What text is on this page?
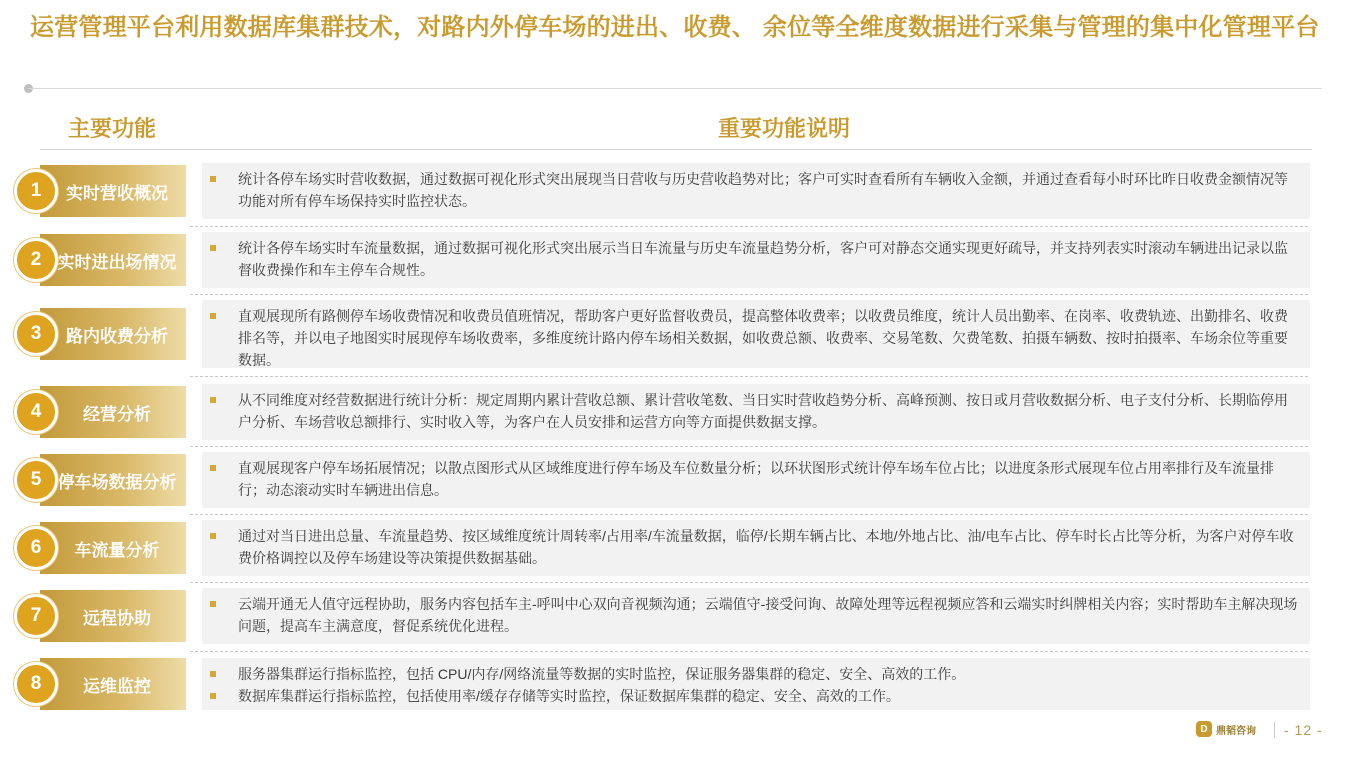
运营管理平台利用数据库集群技术，对路内外停车场的进出、收费、 余位等全维度数据进行采集与管理的集中化管理平台
主要功能	重要功能说明
实时营收概况
1

统计各停车场实时营收数据，通过数据可视化形式突出展现当日营收与历史营收趋势对比；客户可实时查看所有车辆收入金额，并通过查看每小时环比昨日收费金额情况等功能对所有停车场保持实时监控状态。

实时进出场情况
2

统计各停车场实时车流量数据，通过数据可视化形式突出展示当日车流量与历史车流量趋势分析，客户可对静态交通实现更好疏导，并支持列表实时滚动车辆进出记录以监督收费操作和车主停车合规性。

路内收费分析
3

直观展现所有路侧停车场收费情况和收费员值班情况，帮助客户更好监督收费员，提高整体收费率；以收费员维度，统计人员出勤率、在岗率、收费轨迹、出勤排名、收费排名等，并以电子地图实时展现停车场收费率，多维度统计路内停车场相关数据，如收费总额、收费率、交易笔数、欠费笔数、拍摄车辆数、按时拍摄率、车场余位等重要数据。

经营分析
4

从不同维度对经营数据进行统计分析：规定周期内累计营收总额、累计营收笔数、当日实时营收趋势分析、高峰预测、按日或月营收数据分析、电子支付分析、长期临停用户分析、车场营收总额排行、实时收入等，为客户在人员安排和运营方向等方面提供数据支撑。

停车场数据分析
5

直观展现客户停车场拓展情况；以散点图形式从区域维度进行停车场及车位数量分析；以环状图形式统计停车场车位占比；以进度条形式展现车位占用率排行及车流量排行；动态滚动实时车辆进出信息。

车流量分析
6

通过对当日进出总量、车流量趋势、按区域维度统计周转率/占用率/车流量数据，临停/长期车辆占比、本地/外地占比、油/电车占比、停车时长占比等分析，为客户对停车收费价格调控以及停车场建设等决策提供数据基础。

远程协助
7

云端开通无人值守远程协助，服务内容包括车主-呼叫中心双向音视频沟通；云端值守-接受问询、故障处理等远程视频应答和云端实时纠牌相关内容；实时帮助车主解决现场问题，提高车主满意度，督促系统优化进程。

运维监控
8	服务器集群运行指标监控，包括 CPU/内存/网络流量等数据的实时监控，保证服务器集群的稳定、安全、高效的工作。

数据库集群运行指标监控，包括使用率/缓存存储等实时监控，保证数据库集群的稳定、安全、高效的工作。

D 鼎韬咨询 - 12 -
